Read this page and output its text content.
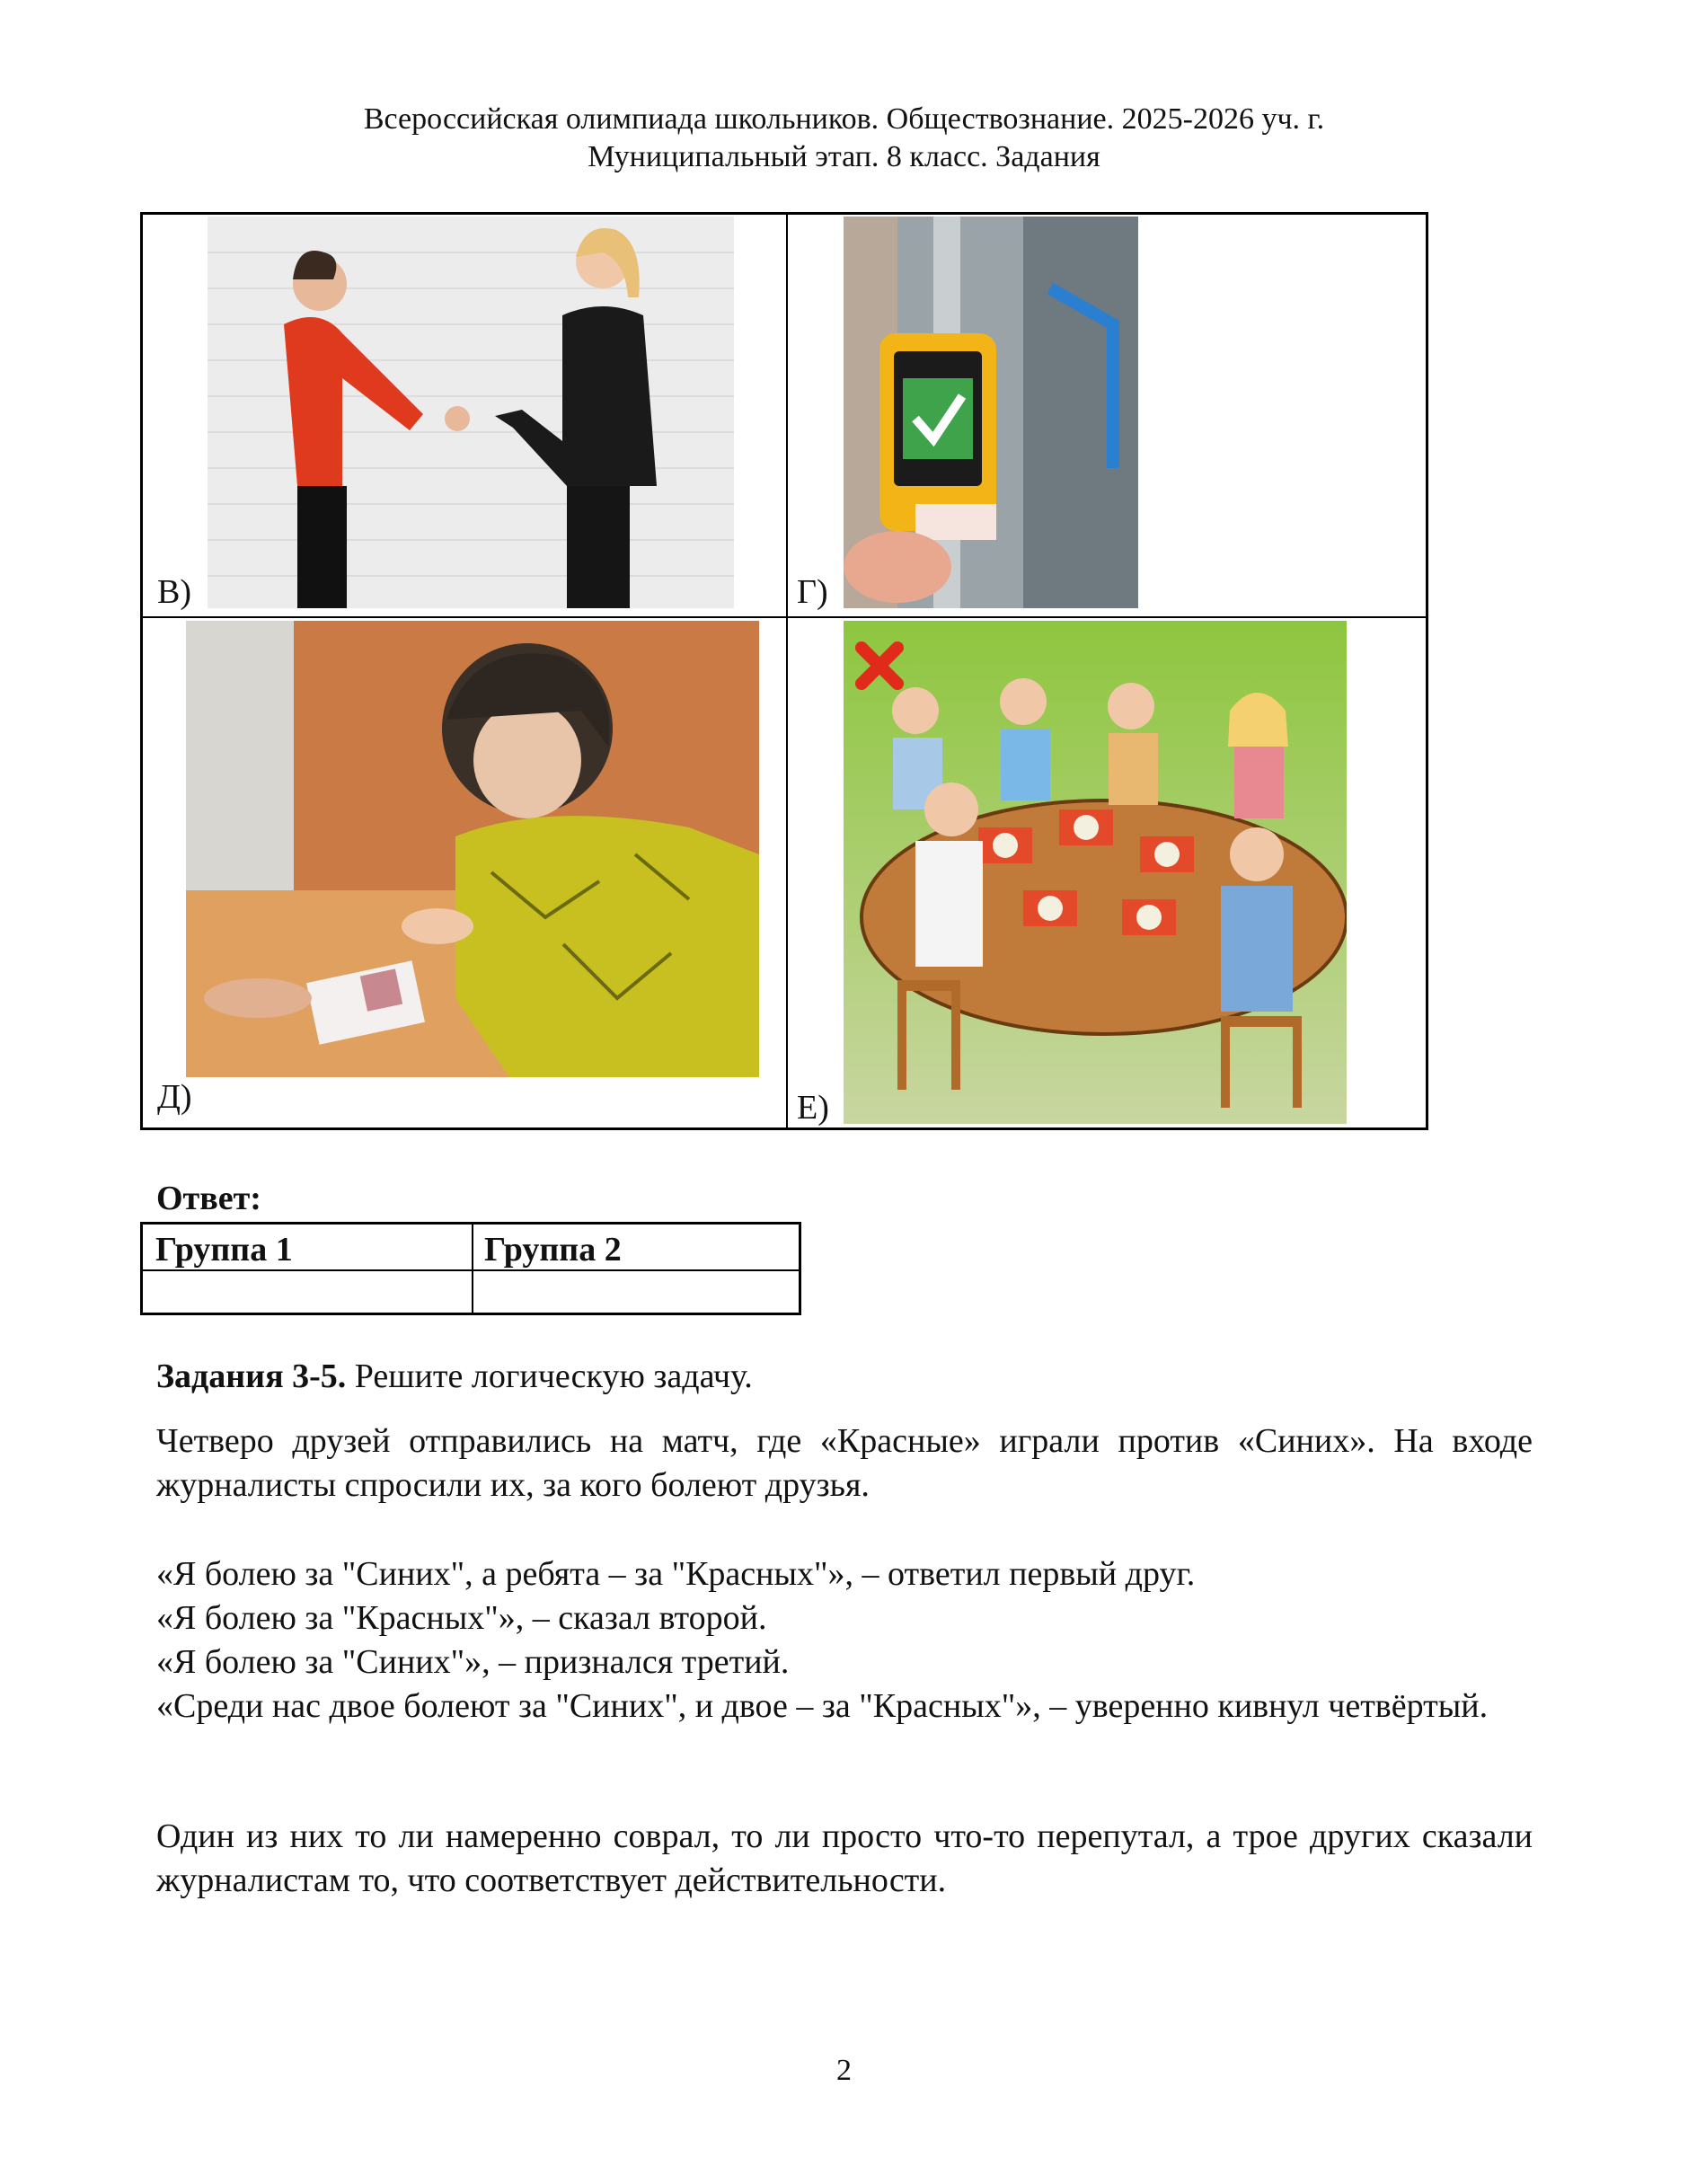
Всероссийская олимпиада школьников. Обществознание. 2025-2026 уч. г.
Муниципальный этап. 8 класс. Задания
В)	Г)
Д)	Е)
Ответ:
Группа 1	Группа 2
Задания 3-5. Решите логическую задачу.
Четверо друзей отправились на матч, где «Красные» играли против «Синих». На входе журналисты спросили их, за кого болеют друзья.
«Я болею за "Синих", а ребята – за "Красных"», – ответил первый друг.
«Я болею за "Красных"», – сказал второй.
«Я болею за "Синих"», – признался третий.
«Среди нас двое болеют за "Синих", и двое – за "Красных"», – уверенно кивнул четвёртый.
Один из них то ли намеренно соврал, то ли просто что-то перепутал, а трое других сказали журналистам то, что соответствует действительности.
2
